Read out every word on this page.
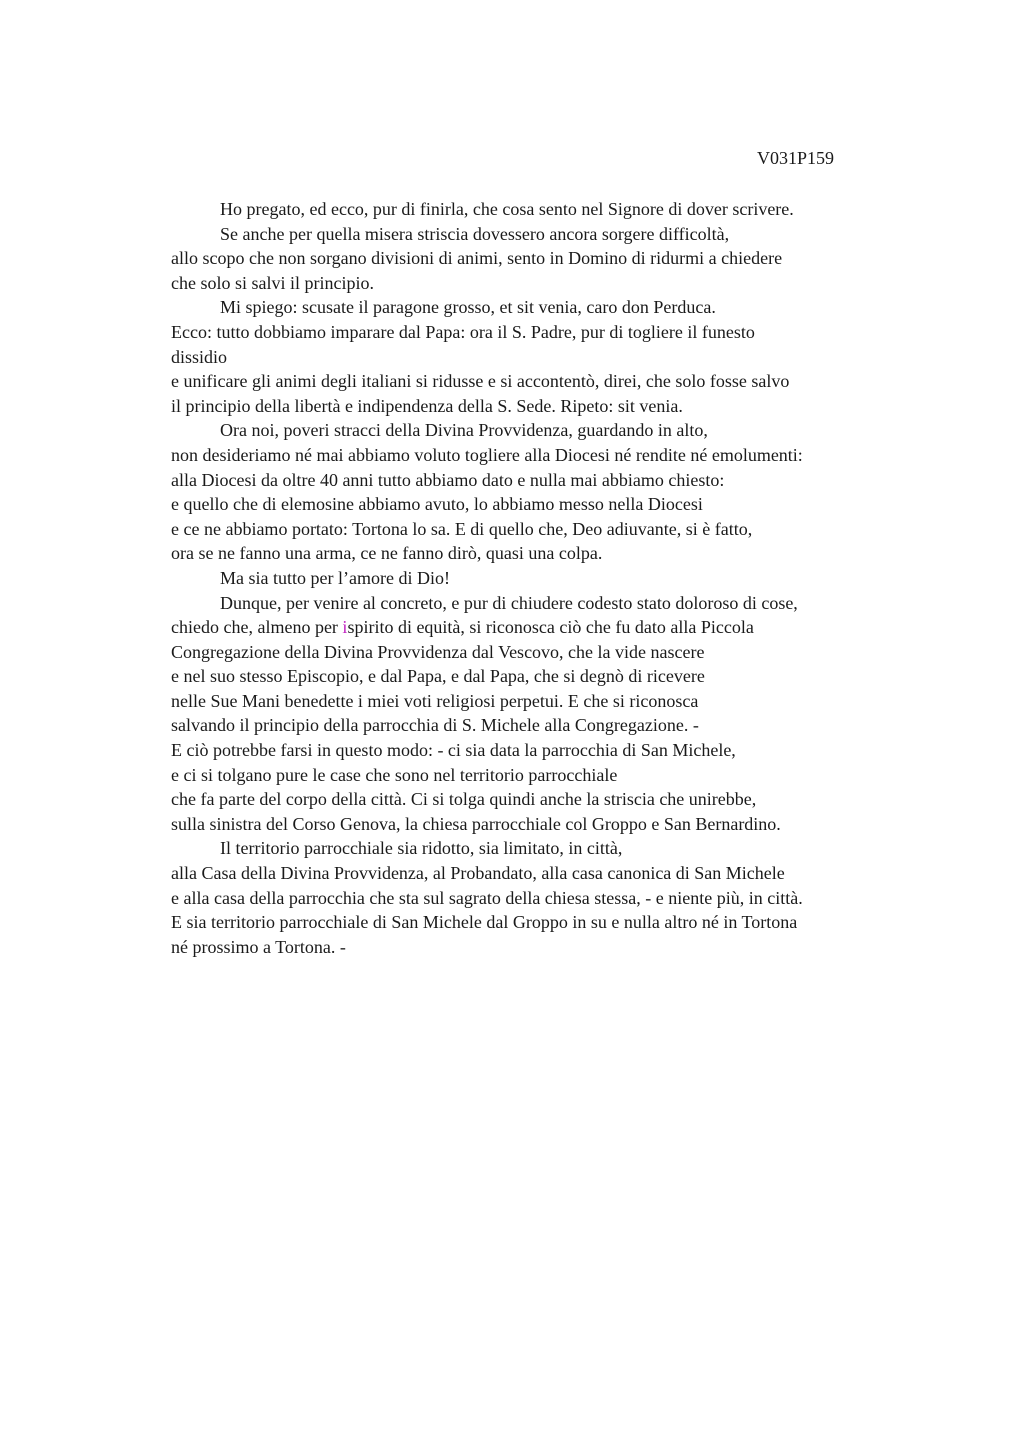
V031P159
Ho pregato, ed ecco, pur di finirla, che cosa sento nel Signore di dover scrivere.
Se anche per quella misera striscia dovessero ancora sorgere difficoltà,
allo scopo che non sorgano divisioni di animi, sento in Domino di ridurmi a chiedere
che solo si salvi il principio.
Mi spiego: scusate il paragone grosso, et sit venia, caro don Perduca.
Ecco: tutto dobbiamo imparare dal Papa: ora il S. Padre, pur di togliere il funesto
dissidio
e unificare gli animi degli italiani si ridusse e si accontentò, direi, che solo fosse salvo
il principio della libertà e indipendenza della S. Sede. Ripeto: sit venia.
Ora noi, poveri stracci della Divina Provvidenza, guardando in alto,
non desideriamo né mai abbiamo voluto togliere alla Diocesi né rendite né emolumenti:
alla Diocesi da oltre 40 anni tutto abbiamo dato e nulla mai abbiamo chiesto:
e quello che di elemosine abbiamo avuto, lo abbiamo messo nella Diocesi
e ce ne abbiamo portato: Tortona lo sa. E di quello che, Deo adiuvante, si è fatto,
ora se ne fanno una arma, ce ne fanno dirò, quasi una colpa.
Ma sia tutto per l’amore di Dio!
Dunque, per venire al concreto, e pur di chiudere codesto stato doloroso di cose,
chiedo che, almeno per ispirito di equità, si riconosca ciò che fu dato alla Piccola
Congregazione della Divina Provvidenza dal Vescovo, che la vide nascere
e nel suo stesso Episcopio, e dal Papa, e dal Papa, che si degnò di ricevere
nelle Sue Mani benedette i miei voti religiosi perpetui. E che si riconosca
salvando il principio della parrocchia di S. Michele alla Congregazione. -
E ciò potrebbe farsi in questo modo: - ci sia data la parrocchia di San Michele,
e ci si tolgano pure le case che sono nel territorio parrocchiale
che fa parte del corpo della città. Ci si tolga quindi anche la striscia che unirebbe,
sulla sinistra del Corso Genova, la chiesa parrocchiale col Groppo e San Bernardino.
Il territorio parrocchiale sia ridotto, sia limitato, in città,
alla Casa della Divina Provvidenza, al Probandato, alla casa canonica di San Michele
e alla casa della parrocchia che sta sul sagrato della chiesa stessa, - e niente più, in città.
E sia territorio parrocchiale di San Michele dal Groppo in su e nulla altro né in Tortona
né prossimo a Tortona. -
